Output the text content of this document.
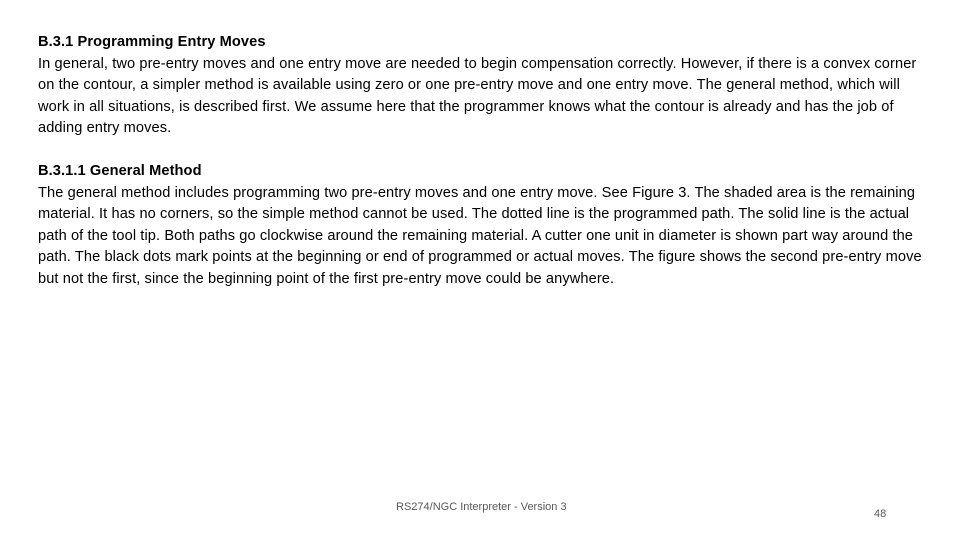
B.3.1 Programming Entry Moves

In general, two pre-entry moves and one entry move are needed to begin compensation correctly. However, if there is a convex corner on the contour, a simpler method is available using zero or one pre-entry move and one entry move. The general method, which will work in all situations, is described first. We assume here that the programmer knows what the contour is already and has the job of adding entry moves.

B.3.1.1 General Method

The general method includes programming two pre-entry moves and one entry move. See Figure 3. The shaded area is the remaining material. It has no corners, so the simple method cannot be used. The dotted line is the programmed path. The solid line is the actual path of the tool tip. Both paths go clockwise around the remaining material. A cutter one unit in diameter is shown part way around the path. The black dots mark points at the beginning or end of programmed or actual moves. The figure shows the second pre-entry move but not the first, since the beginning point of the first pre-entry move could be anywhere.

RS274/NGC Interpreter - Version 3
48
